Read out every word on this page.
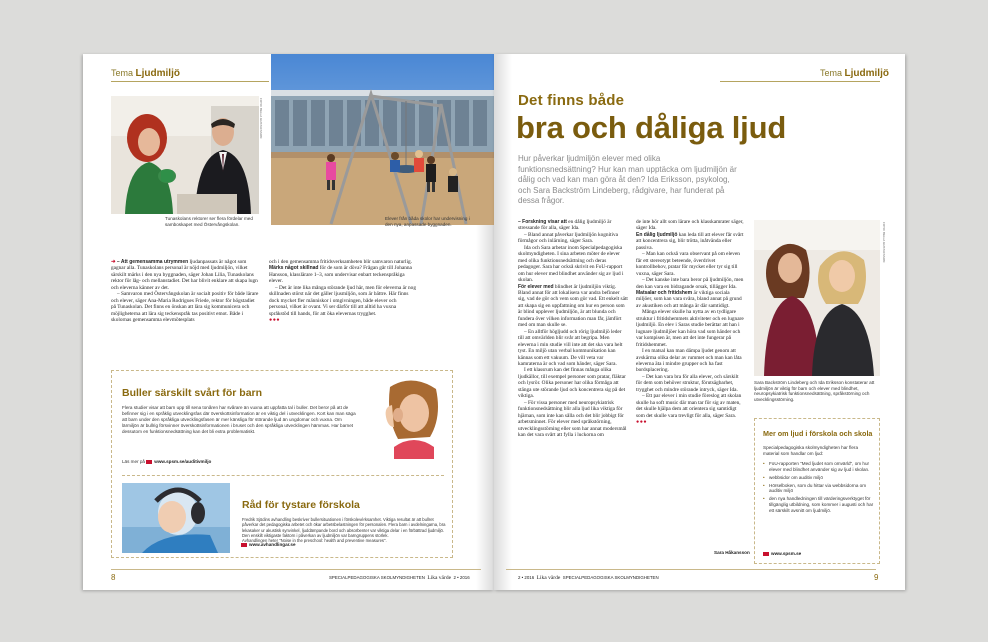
Tema Ljudmiljö
FOTO: BELLA GUSTAFSSON
Tunaskolans rektorer ser flera fördelar med samboskapet med Östervångskolan.
Elever från båda skolor har undervisning i den nya, anpassade byggnaden.

➜ – Att gemensamma utrymmen ljudanpassats är något som gagnar alla. Tunaskolans personal är nöjd med ljudmiljön, vilket särskilt märks i den nya byggnaden, säger Johan Lilia, Tunaskolans rektor för låg- och mellanstadiet. Det har blivit enklare att skapa lugn och eleverna känner av det.

– Samvaron med Östervångskolan är socialt positiv för både lärare och elever, säger Ana-Maria Rodrigues Friede, rektor för högstadiet på Tunaskolan. Det finns en önskan att lära sig kommunicera och möjligheterna att lära sig teckenspråk tas positivt emot. Både i skolornas gemensamma elevmötesplats

och i den gemensamma fritidsverksamheten blir samvaron naturlig.

Märks något skillnad för de som är döva? Frågan går till Johanna Hansson, klasslärare 1–3, som undervisar enbart teckenspråkiga elever.

– Det är inte lika många störande ljud här, men för eleverna är nog skillnaden störst när det gäller ljusmiljön, som är bättre. Här finns dock mycket fler människor i omgivningen, både elever och personal, vilket är ovant. Vi ser därför till att alltid ha vuxna språkstöd till hands, för att öka elevernas trygghet.

●●●

Buller särskilt svårt för barn
Flera studier visar att barn upp till sena tonåren har svårare än vuxna att uppfatta tal i buller. Det beror på att de befinner sig i en språklig utvecklingsfas där överskottsinformation är en viktig del i utvecklingen. Kort kan man säga att barn under den språkliga utvecklingsfasen är mer känsliga för störande ljud än ungdomar och vuxna. Om lärmiljön är bullrig försvinner överskottsinformationen i bruset och den språkliga utvecklingen hämmas. Har barnet dessutom en funktionsnedsättning kan det bli extra problematiskt.
Läs mer på www.spsm.se/auditivmiljo
Råd för tystare förskola
Fredrik Sjödins avhandling beskriver bullersituationen i förskolevérksamhet. Viktiga resultat är att bullret påverkar det pedagogiska arbetet och ökar arbetsbelastningen för personalen. Flera barn i avdelningarna, bra lekasaker ur akustisk synvinkel, ljuddämpande bord och absorbenter var viktiga delar i en förbättrad ljudmiljö. Den enskilt viktigaste faktorn i påverkan av ljudmiljön var barngruppens storlek.
Avhandlingen heter "Noise in the preschool: health and preventive measures".
www.avhandlingar.se
8	SPECIALPEDAGOGISKA SKOLMYNDIGHETEN Lika värde 2 • 2016
Tema Ljudmiljö
Det finns både
bra och dåliga ljud
Hur påverkar ljudmiljön elever med olika funktionsnedsättning? Hur kan man upptäcka om ljudmiljön är dålig och vad kan man göra åt den? Ida Eriksson, psykolog, och Sara Backström Lindeberg, rådgivare, har funderat på dessa frågor.

– Forskning visar att en dålig ljudmiljö är stressande för alla, säger Ida.

– Bland annat påverkar ljudmiljön kognitiva förmågor och inlärning, säger Sara.

Ida och Sara arbetar inom Specialpedagogiska skolmyndigheten. I sina arbeten möter de elever med olika funktionsnedsättning och deras pedagoger. Sara har också skrivit en FoU-rapport om hur elever med blindhet använder sig av ljud i skolan.

För elever med blindhet är ljudmiljön viktig. Bland annat för att lokalisera var andra befinner sig, vad de gör och vem som gör vad. Ett enkelt sätt att skapa sig en uppfattning om hur en person som är blind upplever ljudmiljön, är att blunda och fundera över vilken information man får, jämfört med om man skulle se.

– En alltför högljudd och rörig ljudmiljö leder till att omvärlden blir svår att begripa. Men eleverna i min studie vill inte att det ska vara helt tyst. En miljö utan verbal kommunikation kan kännas som ett vakuum. De vill veta var kamraterna är och vad som händer, säger Sara.

I ett klassrum kan det finnas många olika ljudkällor, till exempel personer som pratar, fläktar och lysrör. Olika personer har olika förmåga att stänga ute störande ljud och koncentrera sig på det viktiga.

– För vissa personer med neuropsykiatrisk funktionsnedsättning blir alla ljud lika viktiga för hjärnan, som inte kan sålla och det blir jobbigt för arbetsminnet. För elever med språkstörning, utvecklingsstörning eller som har annat modersmål kan det vara svårt att fylla i luckorna om

de inte hör allt som lärare och klasskamrater säger, säger Ida.

En dålig ljudmiljö kan leda till att elever får svårt att koncentrera sig, blir trötta, inåtvända eller passiva.

– Man kan också vara observant på om eleven får ett stereotypt beteende, överdrivet kontrollbehov, pratar för mycket eller tyr sig till vuxna, säger Sara.

– Det kanske inte bara beror på ljudmiljön, men den kan vara en bidragande orsak, tillägger Ida.

Matsalar och fritidshem är viktiga sociala miljöer, som kan vara svåra, bland annat på grund av akustiken och att många är där samtidigt.

Många elever skulle ha nytta av en tydligare struktur i fritidshemmets aktiviteter och en lugnare ljudmiljö. En elev i Saras studie berättar att han i lugnare ljudmiljöer kan höra vad som händer och var kompisen är, men att det inte fungerar på fritidshemmet.

I en matsal kan man dämpa ljudet genom att avskärma olika delar av rummet och man kan låta eleverna äta i mindre grupper och ha fast bordsplacering.

– Det kan vara bra för alla elever, och särskilt för dem som behöver struktur, förutsägbarhet, trygghet och mindre störande intryck, säger Ida.

– Ett par elever i min studie föreslog att skolan skulle ha soft music där man tar för sig av maten, det skulle hjälpa dem att orientera sig samtidigt som det skulle vara trevligt för alla, säger Sara.

●●●

Sara Håkansson
FOTO: BELLA GUSTAFSSON
Sara Backström Lindeberg och Ida Eriksson konstaterar att ljudmiljön är viktig för barn och elever med blindhet, neuropsykiatrisk funktionsnedsättning, språkstörning och utvecklingsstörning.
Mer om ljud i förskola och skola
Specialpedagogiska skolmyndigheten har flera material som handlar om ljud:
• FoU-rapporten "Med ljudet som omvärld", om hur elever med blindhet använder sig av ljud i skolan.
• webbsidor om auditiv miljö
• Hörselboken, som du hittar via webbsidorna om auditiv miljö
• den nya handledningen till värderingsverktyget för tillgänglig utbildning, som kommer i augusti och har ett särskilt avsnitt om ljudmiljö.
www.spsm.se
2 • 2016 Lika värde SPECIALPEDAGOGISKA SKOLMYNDIGHETEN	9
